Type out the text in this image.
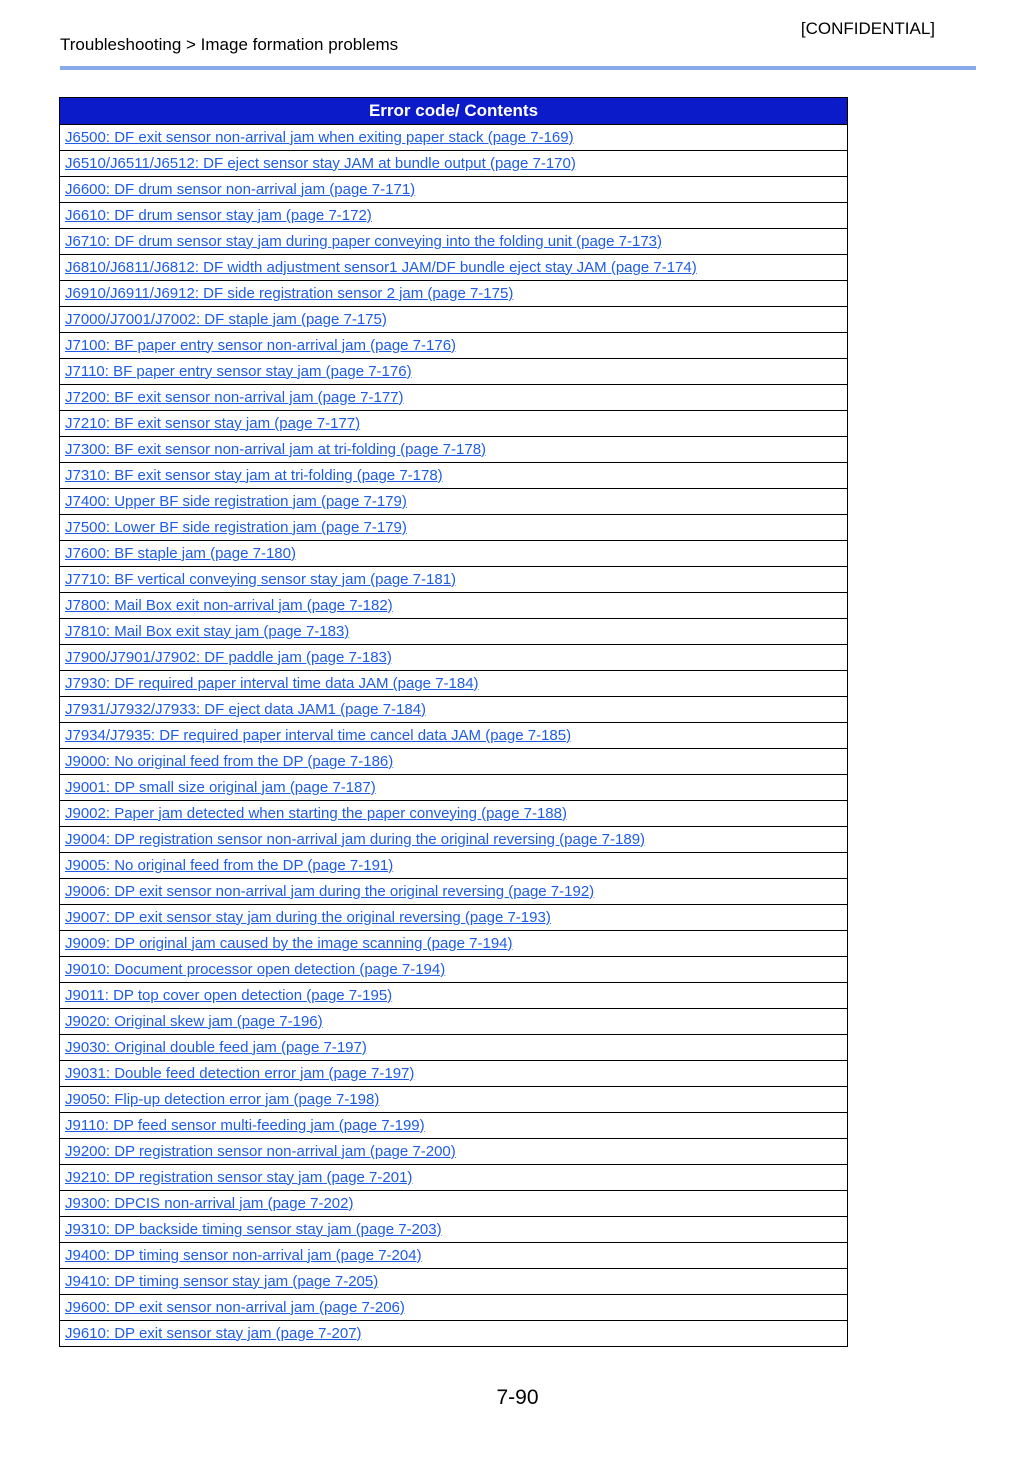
[CONFIDENTIAL]
Troubleshooting > Image formation problems
Error code/ Contents
J6500: DF exit sensor non-arrival jam when exiting paper stack (page 7-169)
J6510/J6511/J6512: DF eject sensor stay JAM at bundle output (page 7-170)
J6600: DF drum sensor non-arrival jam (page 7-171)
J6610: DF drum sensor stay jam (page 7-172)
J6710: DF drum sensor stay jam during paper conveying into the folding unit (page 7-173)
J6810/J6811/J6812: DF width adjustment sensor1 JAM/DF bundle eject stay JAM (page 7-174)
J6910/J6911/J6912: DF side registration sensor 2 jam (page 7-175)
J7000/J7001/J7002: DF staple jam (page 7-175)
J7100: BF paper entry sensor non-arrival jam (page 7-176)
J7110: BF paper entry sensor stay jam (page 7-176)
J7200: BF exit sensor non-arrival jam (page 7-177)
J7210: BF exit sensor stay jam (page 7-177)
J7300: BF exit sensor non-arrival jam at tri-folding (page 7-178)
J7310: BF exit sensor stay jam at tri-folding (page 7-178)
J7400: Upper BF side registration jam (page 7-179)
J7500: Lower BF side registration jam (page 7-179)
J7600: BF staple jam (page 7-180)
J7710: BF vertical conveying sensor stay jam (page 7-181)
J7800: Mail Box exit non-arrival jam (page 7-182)
J7810: Mail Box exit stay jam (page 7-183)
J7900/J7901/J7902: DF paddle jam (page 7-183)
J7930: DF required paper interval time data JAM (page 7-184)
J7931/J7932/J7933: DF eject data JAM1 (page 7-184)
J7934/J7935: DF required paper interval time cancel data JAM (page 7-185)
J9000: No original feed from the DP (page 7-186)
J9001: DP small size original jam (page 7-187)
J9002: Paper jam detected when starting the paper conveying (page 7-188)
J9004: DP registration sensor non-arrival jam during the original reversing (page 7-189)
J9005: No original feed from the DP (page 7-191)
J9006: DP exit sensor non-arrival jam during the original reversing (page 7-192)
J9007: DP exit sensor stay jam during the original reversing (page 7-193)
J9009: DP original jam caused by the image scanning (page 7-194)
J9010: Document processor open detection (page 7-194)
J9011: DP top cover open detection (page 7-195)
J9020: Original skew jam (page 7-196)
J9030: Original double feed jam (page 7-197)
J9031: Double feed detection error jam (page 7-197)
J9050: Flip-up detection error jam (page 7-198)
J9110: DP feed sensor multi-feeding jam (page 7-199)
J9200: DP registration sensor non-arrival jam (page 7-200)
J9210: DP registration sensor stay jam (page 7-201)
J9300: DPCIS non-arrival jam (page 7-202)
J9310: DP backside timing sensor stay jam (page 7-203)
J9400: DP timing sensor non-arrival jam (page 7-204)
J9410: DP timing sensor stay jam (page 7-205)
J9600: DP exit sensor non-arrival jam (page 7-206)
J9610: DP exit sensor stay jam (page 7-207)
7-90
